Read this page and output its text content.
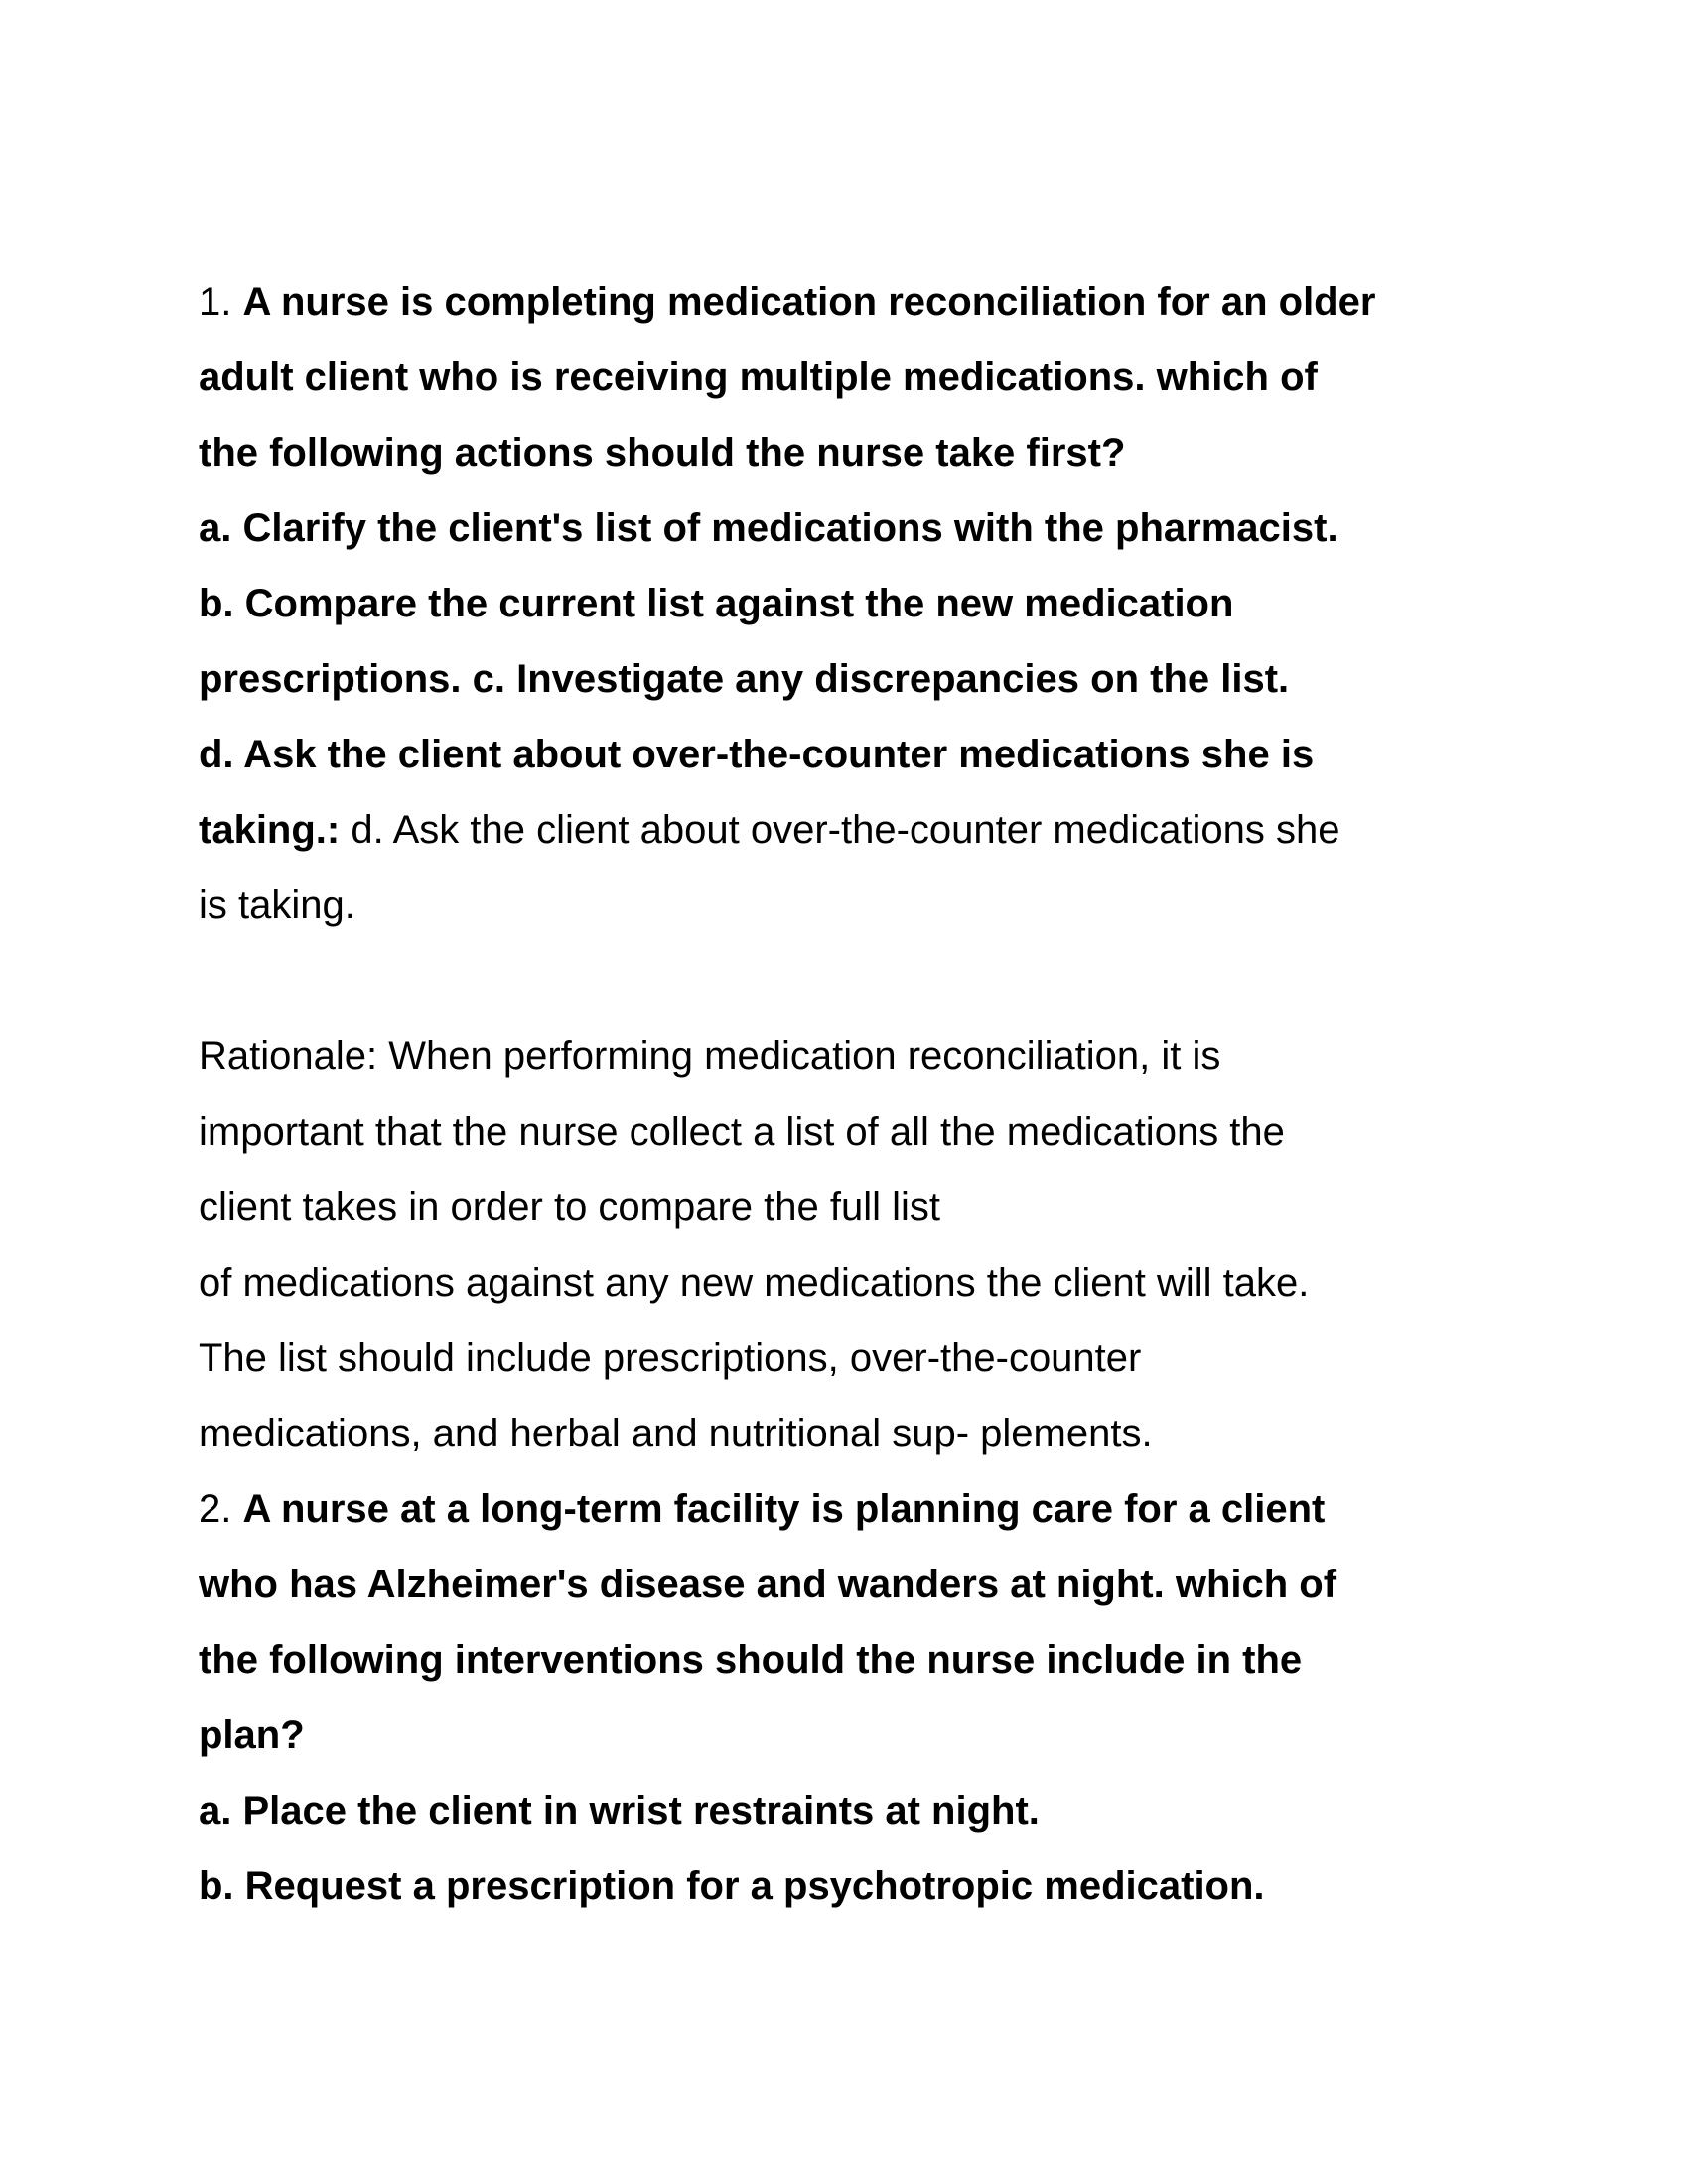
1. A nurse is completing medication reconciliation for an older
adult client who is receiving multiple medications. which of
the following actions should the nurse take first?
a. Clarify the client's list of medications with the pharmacist.
b. Compare the current list against the new medication
prescriptions. c. Investigate any discrepancies on the list.
d. Ask the client about over-the-counter medications she is
taking.: d. Ask the client about over-the-counter medications she
is taking.
Rationale: When performing medication reconciliation, it is
important that the nurse collect a list of all the medications the
client takes in order to compare the full list
of medications against any new medications the client will take.
The list should include prescriptions, over-the-counter
medications, and herbal and nutritional sup- plements.
2. A nurse at a long-term facility is planning care for a client
who has Alzheimer's disease and wanders at night. which of
the following interventions should the nurse include in the
plan?
a. Place the client in wrist restraints at night.
b. Request a prescription for a psychotropic medication.
